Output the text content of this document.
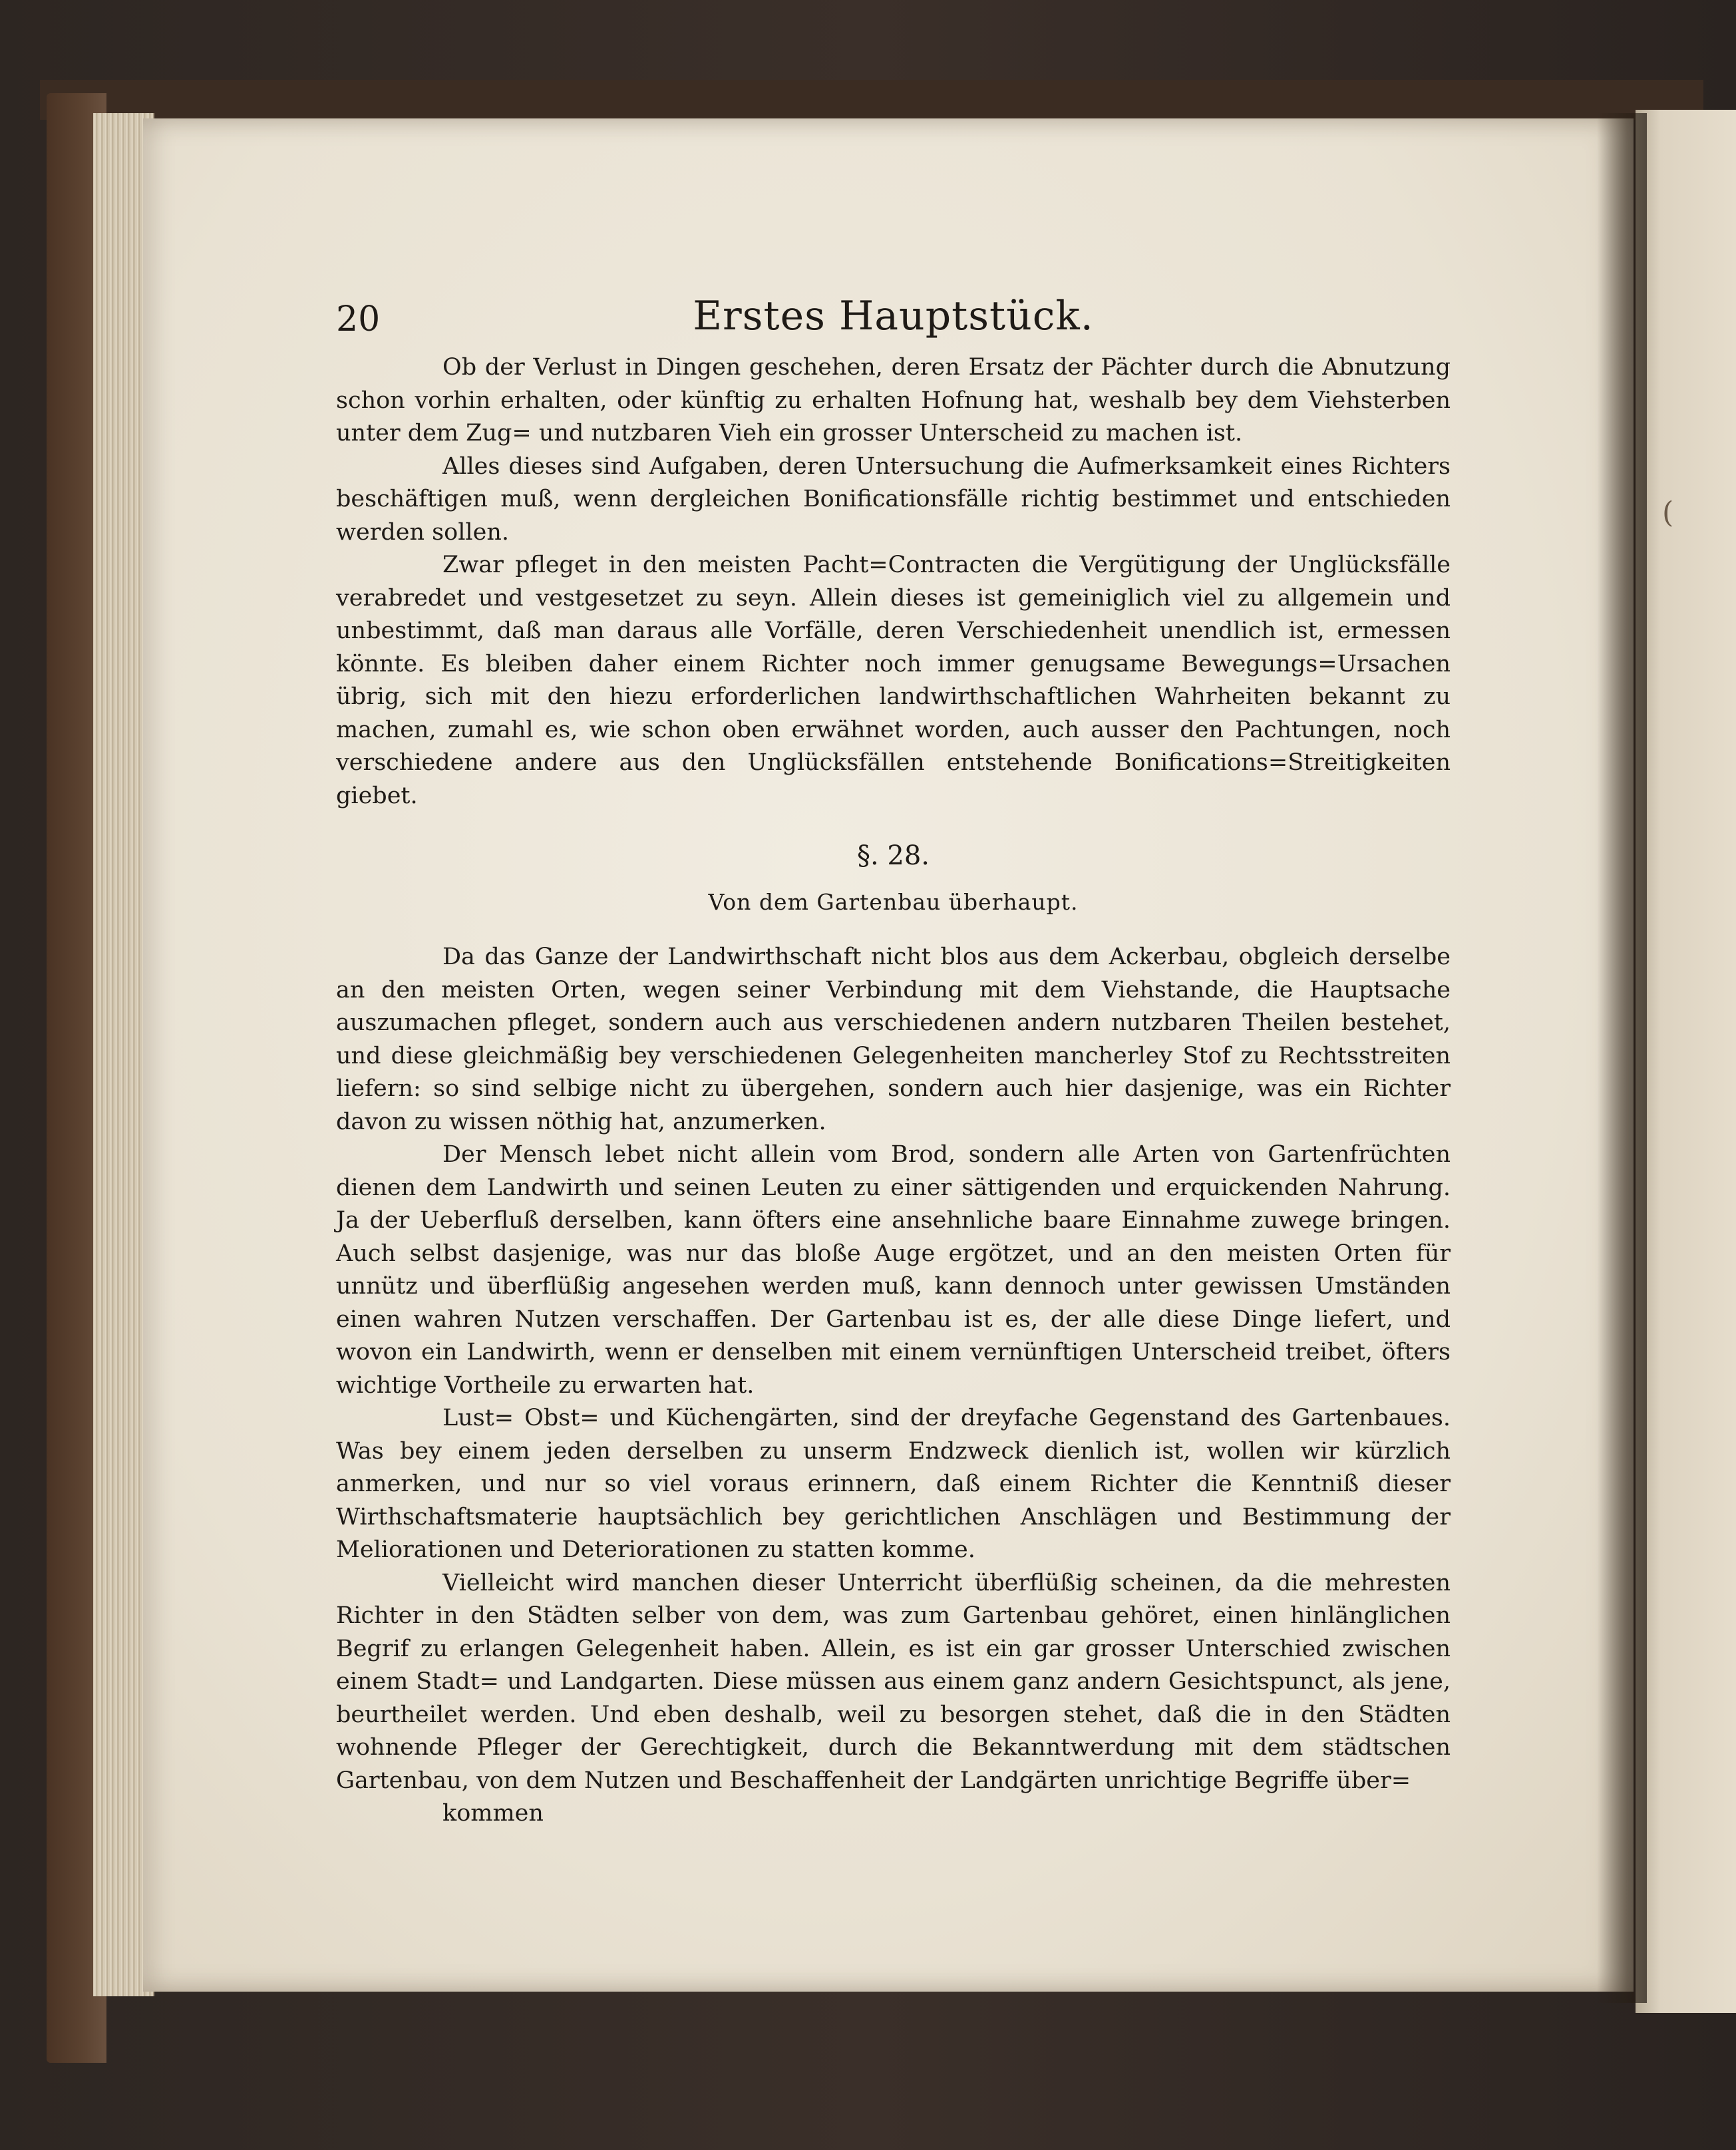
(
20	Erstes Hauptstück.

Ob der Verlust in Dingen geschehen, deren Ersatz der Pächter durch die Abnutzung schon vorhin erhalten, oder künftig zu erhalten Hofnung hat, weshalb bey dem Viehsterben unter dem Zug= und nutzbaren Vieh ein grosser Unterscheid zu machen ist.

Alles dieses sind Aufgaben, deren Untersuchung die Aufmerksamkeit eines Richters beschäftigen muß, wenn dergleichen Bonificationsfälle richtig bestimmet und entschieden werden sollen.

Zwar pfleget in den meisten Pacht=Contracten die Vergütigung der Unglücksfälle verabredet und vestgesetzet zu seyn. Allein dieses ist gemeiniglich viel zu allgemein und unbestimmt, daß man daraus alle Vorfälle, deren Verschiedenheit unendlich ist, ermessen könnte. Es bleiben daher einem Richter noch immer genugsame Bewegungs=Ursachen übrig, sich mit den hiezu erforderlichen landwirthschaftlichen Wahrheiten bekannt zu machen, zumahl es, wie schon oben erwähnet worden, auch ausser den Pachtungen, noch verschiedene andere aus den Unglücksfällen entstehende Bonifications=Streitigkeiten giebet.

§. 28.
Von dem Gartenbau überhaupt.

Da das Ganze der Landwirthschaft nicht blos aus dem Ackerbau, obgleich derselbe an den meisten Orten, wegen seiner Verbindung mit dem Viehstande, die Hauptsache auszumachen pfleget, sondern auch aus verschiedenen andern nutzbaren Theilen bestehet, und diese gleichmäßig bey verschiedenen Gelegenheiten mancherley Stof zu Rechtsstreiten liefern: so sind selbige nicht zu übergehen, sondern auch hier dasjenige, was ein Richter davon zu wissen nöthig hat, anzumerken.

Der Mensch lebet nicht allein vom Brod, sondern alle Arten von Gartenfrüchten dienen dem Landwirth und seinen Leuten zu einer sättigenden und erquickenden Nahrung. Ja der Ueberfluß derselben, kann öfters eine ansehnliche baare Einnahme zuwege bringen. Auch selbst dasjenige, was nur das bloße Auge ergötzet, und an den meisten Orten für unnütz und überflüßig angesehen werden muß, kann dennoch unter gewissen Umständen einen wahren Nutzen verschaffen. Der Gartenbau ist es, der alle diese Dinge liefert, und wovon ein Landwirth, wenn er denselben mit einem vernünftigen Unterscheid treibet, öfters wichtige Vortheile zu erwarten hat.

Lust= Obst= und Küchengärten, sind der dreyfache Gegenstand des Gartenbaues. Was bey einem jeden derselben zu unserm Endzweck dienlich ist, wollen wir kürzlich anmerken, und nur so viel voraus erinnern, daß einem Richter die Kenntniß dieser Wirthschaftsmaterie hauptsächlich bey gerichtlichen Anschlägen und Bestimmung der Meliorationen und Deteriorationen zu statten komme.

Vielleicht wird manchen dieser Unterricht überflüßig scheinen, da die mehresten Richter in den Städten selber von dem, was zum Gartenbau gehöret, einen hinlänglichen Begrif zu erlangen Gelegenheit haben. Allein, es ist ein gar grosser Unterschied zwischen einem Stadt= und Landgarten. Diese müssen aus einem ganz andern Gesichtspunct, als jene, beurtheilet werden. Und eben deshalb, weil zu besorgen stehet, daß die in den Städten wohnende Pfleger der Gerechtigkeit, durch die Bekanntwerdung mit dem städtschen Gartenbau, von dem Nutzen und Beschaffenheit der Landgärten unrichtige Begriffe über=

kommen
